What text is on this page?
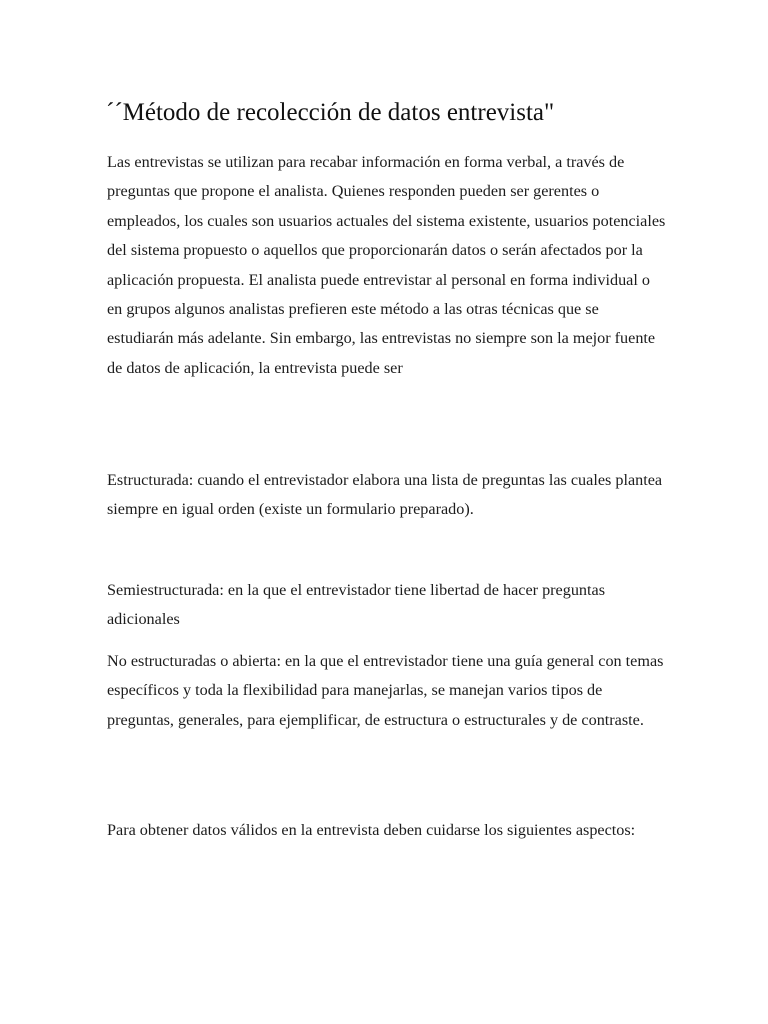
´´Método de recolección de datos entrevista"

Las entrevistas se utilizan para recabar información en forma verbal, a través de preguntas que propone el analista. Quienes responden pueden ser gerentes o empleados, los cuales son usuarios actuales del sistema existente, usuarios potenciales del sistema propuesto o aquellos que proporcionarán datos o serán afectados por la aplicación propuesta. El analista puede entrevistar al personal en forma individual o en grupos algunos analistas prefieren este método a las otras técnicas que se estudiarán más adelante. Sin embargo, las entrevistas no siempre son la mejor fuente de datos de aplicación, la entrevista puede ser

Estructurada: cuando el entrevistador elabora una lista de preguntas las cuales plantea siempre en igual orden (existe un formulario preparado).

Semiestructurada: en la que el entrevistador tiene libertad de hacer preguntas adicionales

No estructuradas o abierta: en la que el entrevistador tiene una guía general con temas específicos y toda la flexibilidad para manejarlas, se manejan varios tipos de preguntas, generales, para ejemplificar, de estructura o estructurales y de contraste.

Para obtener datos válidos en la entrevista deben cuidarse los siguientes aspectos:
